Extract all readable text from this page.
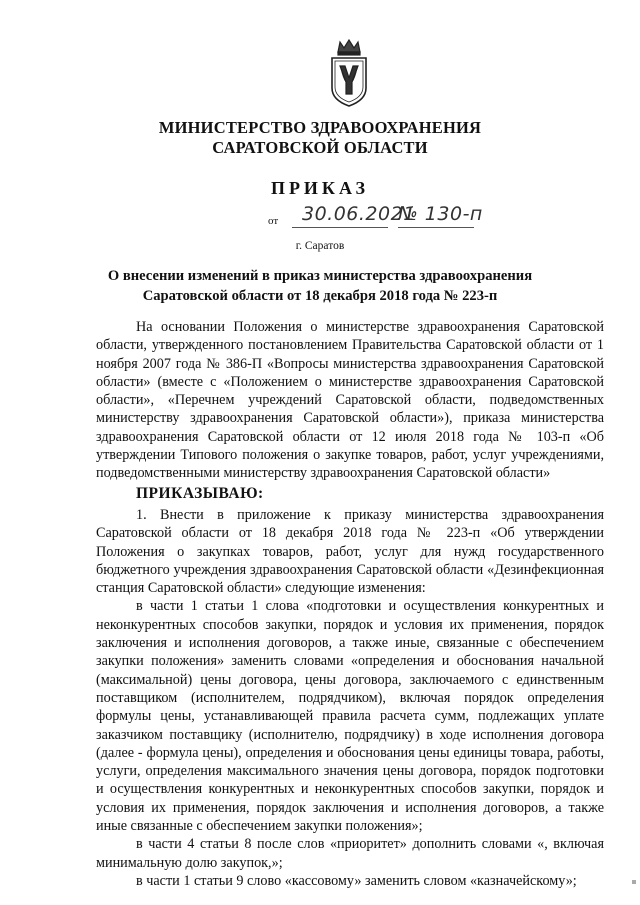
МИНИСТЕРСТВО ЗДРАВООХРАНЕНИЯ
САРАТОВСКОЙ ОБЛАСТИ
ПРИКАЗ
от 30.06.2021
№ 130-п
г. Саратов
О внесении изменений в приказ министерства здравоохранения
Саратовской области от 18 декабря 2018 года № 223-п

На основании Положения о министерстве здравоохранения Саратовской области, утвержденного постановлением Правительства Саратовской области от 1 ноября 2007 года № 386-П «Вопросы министерства здравоохранения Саратовской области» (вместе с «Положением о министерстве здравоохранения Саратовской области», «Перечнем учреждений Саратовской области, подведомственных министерству здравоохранения Саратовской области»), приказа министерства здравоохранения Саратовской области от 12 июля 2018 года № 103-п «Об утверждении Типового положения о закупке товаров, работ, услуг учреждениями, подведомственными министерству здравоохранения Саратовской области»

ПРИКАЗЫВАЮ:

1. Внести в приложение к приказу министерства здравоохранения Саратовской области от 18 декабря 2018 года № 223-п «Об утверждении Положения о закупках товаров, работ, услуг для нужд государственного бюджетного учреждения здравоохранения Саратовской области «Дезинфекционная станция Саратовской области» следующие изменения:

в части 1 статьи 1 слова «подготовки и осуществления конкурентных и неконкурентных способов закупки, порядок и условия их применения, порядок заключения и исполнения договоров, а также иные, связанные с обеспечением закупки положения» заменить словами «определения и обоснования начальной (максимальной) цены договора, цены договора, заключаемого с единственным поставщиком (исполнителем, подрядчиком), включая порядок определения формулы цены, устанавливающей правила расчета сумм, подлежащих уплате заказчиком поставщику (исполнителю, подрядчику) в ходе исполнения договора (далее - формула цены), определения и обоснования цены единицы товара, работы, услуги, определения максимального значения цены договора, порядок подготовки и осуществления конкурентных и неконкурентных способов закупки, порядок и условия их применения, порядок заключения и исполнения договоров, а также иные связанные с обеспечением закупки положения»;

в части 4 статьи 8 после слов «приоритет» дополнить словами «, включая минимальную долю закупок,»;

в части 1 статьи 9 слово «кассовому» заменить словом «казначейскому»;
